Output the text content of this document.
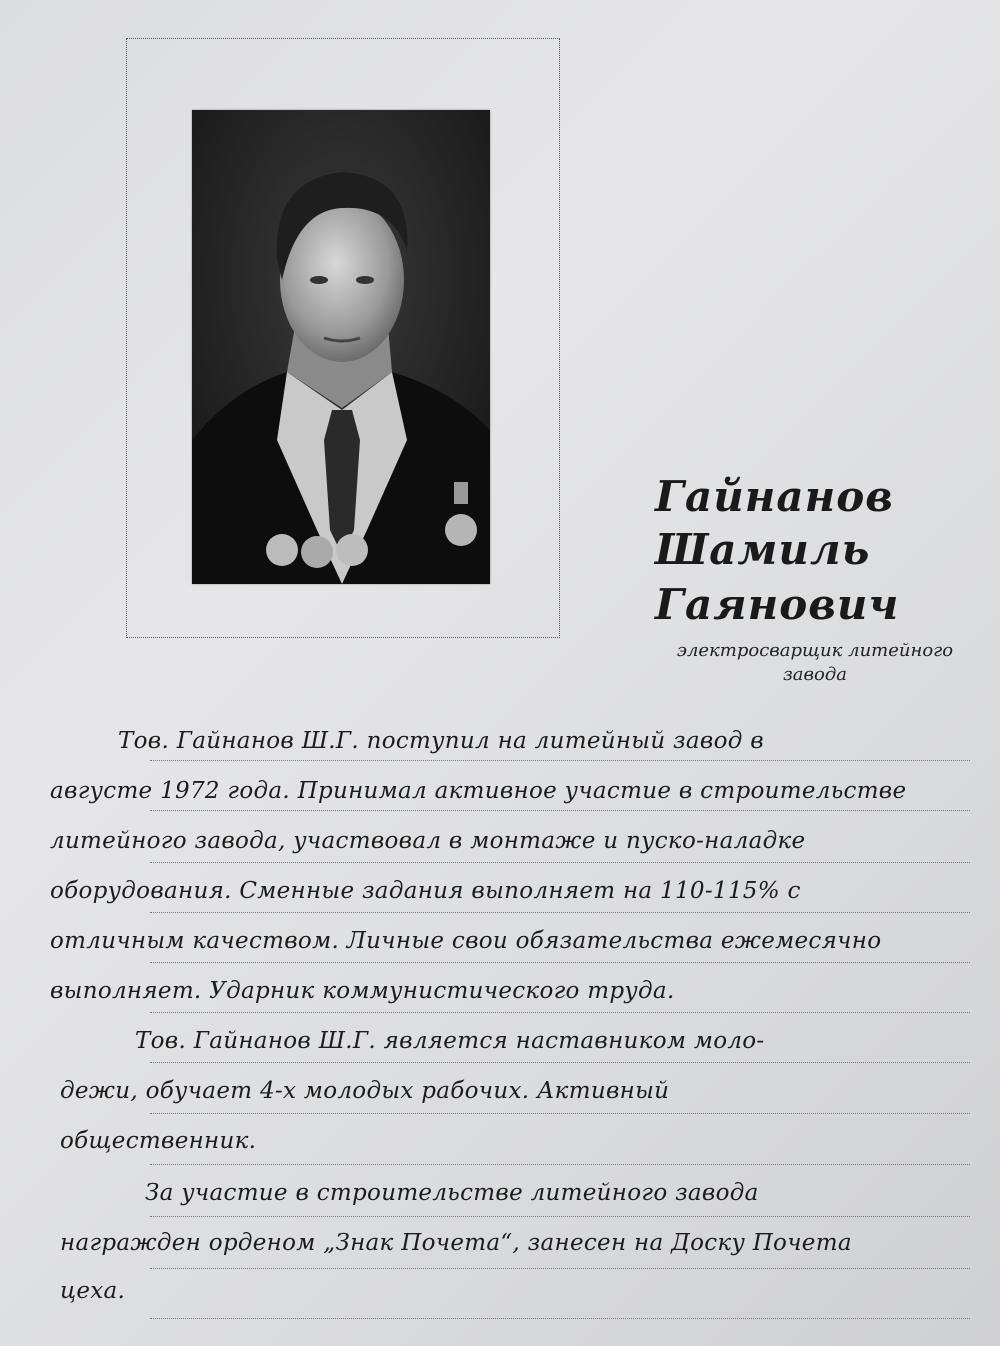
Гайнанов
Шамиль
Гаянович
электросварщик литейного
завода
Тов. Гайнанов Ш.Г. поступил на литейный завод в
августе 1972 года. Принимал активное участие в строительстве
литейного завода, участвовал в монтаже и пуско-наладке
оборудования. Сменные задания выполняет на 110-115% с
отличным качеством. Личные свои обязательства ежемесячно
выполняет. Ударник коммунистического труда.
Тов. Гайнанов Ш.Г. является наставником моло-
дежи, обучает 4-х молодых рабочих. Активный
общественник.
За участие в строительстве литейного завода
награжден орденом „Знак Почета“, занесен на Доску Почета
цеха.
